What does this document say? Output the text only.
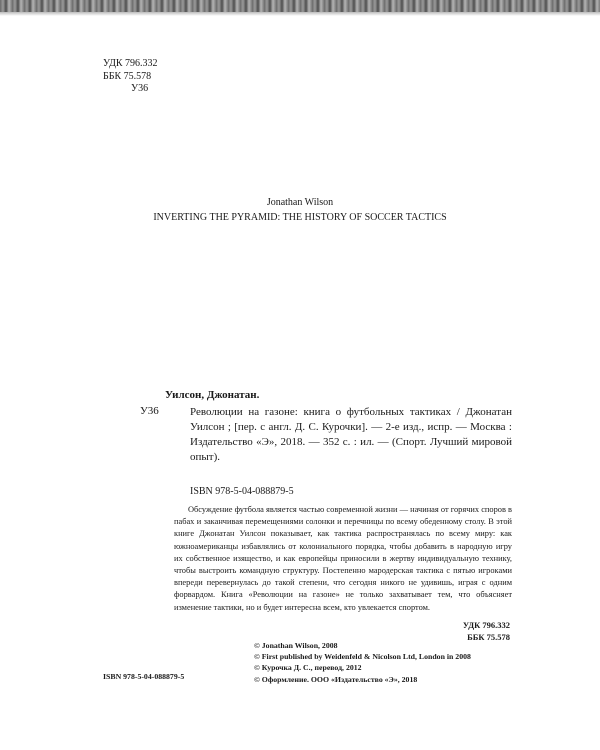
УДК 796.332
ББК 75.578
У36
Jonathan Wilson
INVERTING THE PYRAMID: THE HISTORY OF SOCCER TACTICS
Уилсон, Джонатан.
У36	Революции на газоне: книга о футбольных тактиках / Джонатан Уилсон ; [пер. с англ. Д. С. Курочки]. — 2-е изд., испр. — Москва : Издательство «Э», 2018. — 352 с. : ил. — (Спорт. Лучший мировой опыт).
ISBN 978-5-04-088879-5
Обсуждение футбола является частью современной жизни — начиная от горячих споров в пабах и заканчивая перемещениями солонки и перечницы по всему обеденному столу. В этой книге Джонатан Уилсон показывает, как тактика распространялась по всему миру: как южноамериканцы избавлялись от колониального порядка, чтобы добавить в народную игру их собственное изящество, и как европейцы приносили в жертву индивидуальную технику, чтобы выстроить командную структуру. Постепенно мародерская тактика с пятью игроками впереди перевернулась до такой степени, что сегодня никого не удивишь, играя с одним форвардом. Книга «Революции на газоне» не только захватывает тем, что объясняет изменение тактики, но и будет интересна всем, кто увлекается спортом.
УДК 796.332
ББК 75.578
© Jonathan Wilson, 2008
© First published by Weidenfeld & Nicolson Ltd, London in 2008
© Курочка Д. С., перевод, 2012
© Оформление. ООО «Издательство «Э», 2018
ISBN 978-5-04-088879-5
